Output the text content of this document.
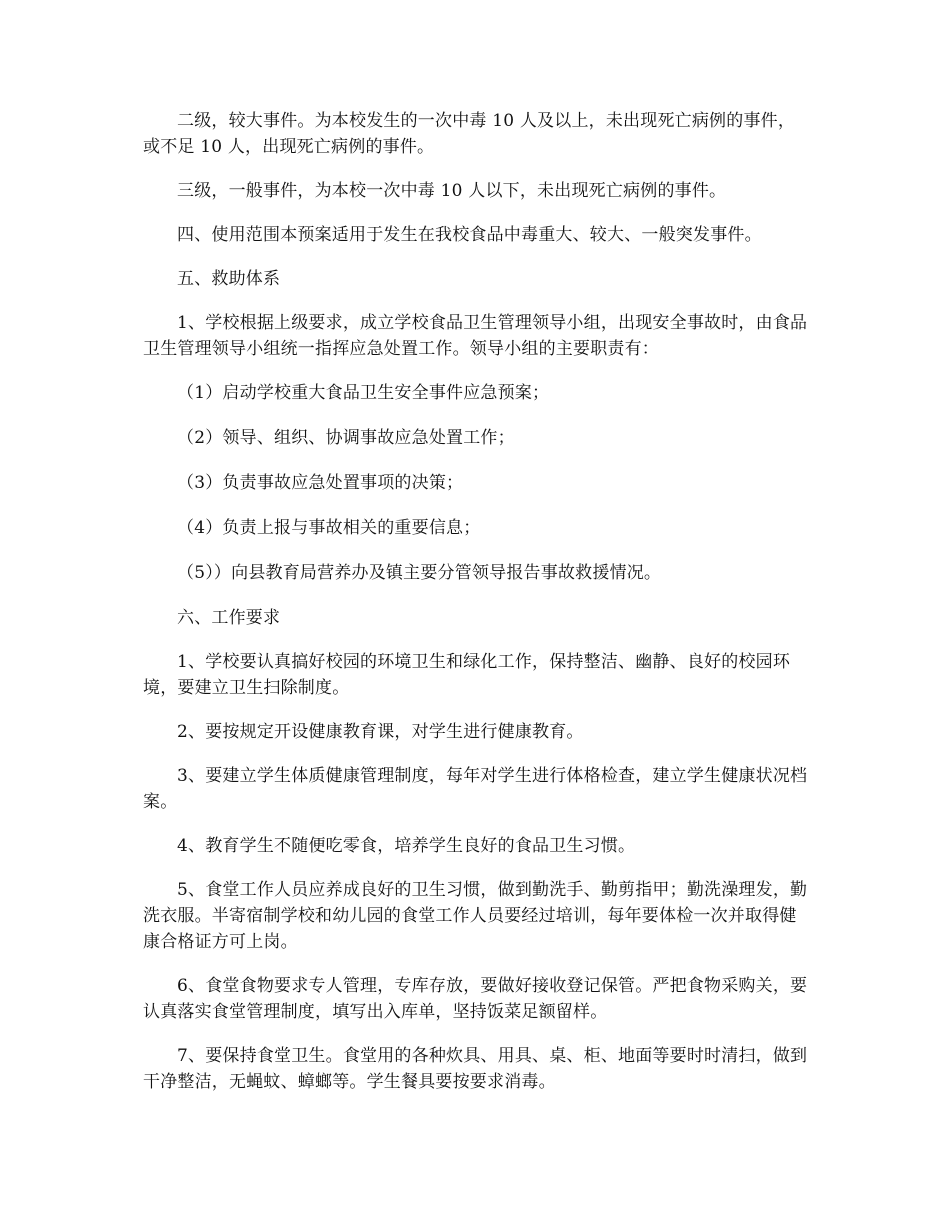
二级，较大事件。为本校发生的一次中毒 10 人及以上，未出现死亡病例的事件，或不足 10 人，出现死亡病例的事件。

三级，一般事件，为本校一次中毒 10 人以下，未出现死亡病例的事件。

四、使用范围本预案适用于发生在我校食品中毒重大、较大、一般突发事件。

五、救助体系

1、学校根据上级要求，成立学校食品卫生管理领导小组，出现安全事故时，由食品卫生管理领导小组统一指挥应急处置工作。领导小组的主要职责有：

（1）启动学校重大食品卫生安全事件应急预案；

（2）领导、组织、协调事故应急处置工作；

（3）负责事故应急处置事项的决策；

（4）负责上报与事故相关的重要信息；

（5））向县教育局营养办及镇主要分管领导报告事故救援情况。

六、工作要求

1、学校要认真搞好校园的环境卫生和绿化工作，保持整洁、幽静、良好的校园环境，要建立卫生扫除制度。

2、要按规定开设健康教育课，对学生进行健康教育。

3、要建立学生体质健康管理制度，每年对学生进行体格检查，建立学生健康状况档案。

4、教育学生不随便吃零食，培养学生良好的食品卫生习惯。

5、食堂工作人员应养成良好的卫生习惯，做到勤洗手、勤剪指甲；勤洗澡理发，勤洗衣服。半寄宿制学校和幼儿园的食堂工作人员要经过培训，每年要体检一次并取得健康合格证方可上岗。

6、食堂食物要求专人管理，专库存放，要做好接收登记保管。严把食物采购关，要认真落实食堂管理制度，填写出入库单，坚持饭菜足额留样。

7、要保持食堂卫生。食堂用的各种炊具、用具、桌、柜、地面等要时时清扫，做到干净整洁，无蝇蚊、蟑螂等。学生餐具要按要求消毒。
